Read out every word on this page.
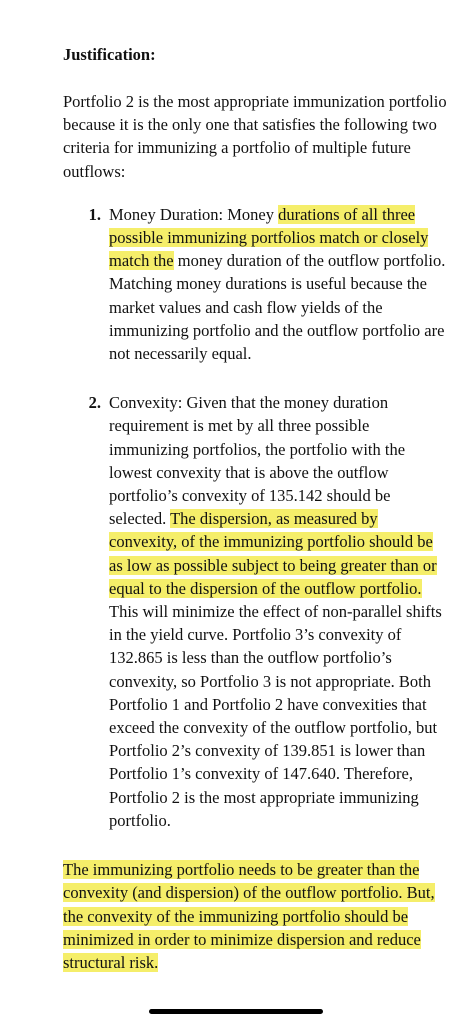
Justification:

Portfolio 2 is the most appropriate immunization portfolio because it is the only one that satisfies the following two criteria for immunizing a portfolio of multiple future outflows:

1. Money Duration: Money durations of all three possible immunizing portfolios match or closely match the money duration of the outflow portfolio. Matching money durations is useful because the market values and cash flow yields of the immunizing portfolio and the outflow portfolio are not necessarily equal.
2. Convexity: Given that the money duration requirement is met by all three possible immunizing portfolios, the portfolio with the lowest convexity that is above the outflow portfolio’s convexity of 135.142 should be selected. The dispersion, as measured by convexity, of the immunizing portfolio should be as low as possible subject to being greater than or equal to the dispersion of the outflow portfolio. This will minimize the effect of non-parallel shifts in the yield curve. Portfolio 3’s convexity of 132.865 is less than the outflow portfolio’s convexity, so Portfolio 3 is not appropriate. Both Portfolio 1 and Portfolio 2 have convexities that exceed the convexity of the outflow portfolio, but Portfolio 2’s convexity of 139.851 is lower than Portfolio 1’s convexity of 147.640. Therefore, Portfolio 2 is the most appropriate immunizing portfolio.

The immunizing portfolio needs to be greater than the convexity (and dispersion) of the outflow portfolio. But, the convexity of the immunizing portfolio should be minimized in order to minimize dispersion and reduce structural risk.
